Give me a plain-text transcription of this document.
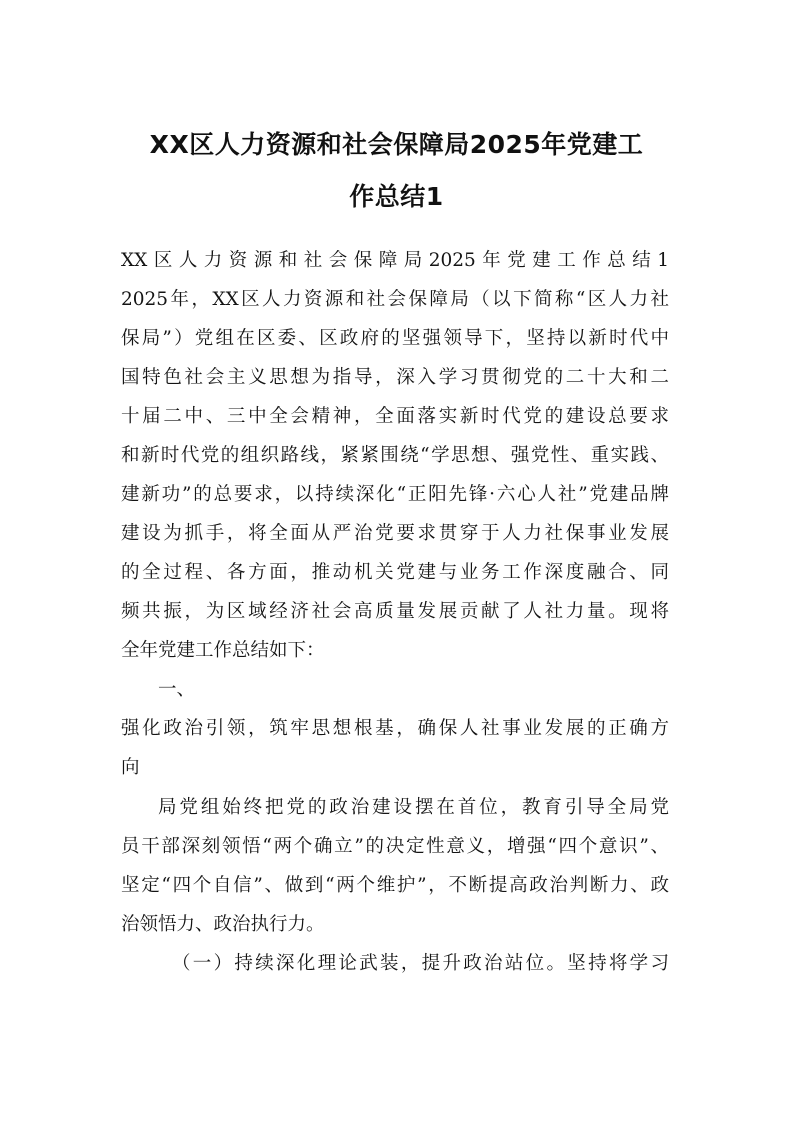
XX区人力资源和社会保障局2025年党建工
作总结1

XX区人力资源和社会保障局2025年党建工作总结1

2025年，XX区人力资源和社会保障局（以下简称“区人力社

保局”）党组在区委、区政府的坚强领导下，坚持以新时代中

国特色社会主义思想为指导，深入学习贯彻党的二十大和二

十届二中、三中全会精神，全面落实新时代党的建设总要求

和新时代党的组织路线，紧紧围绕“学思想、强党性、重实践、

建新功”的总要求，以持续深化“正阳先锋·六心人社”党建品牌

建设为抓手，将全面从严治党要求贯穿于人力社保事业发展

的全过程、各方面，推动机关党建与业务工作深度融合、同

频共振，为区域经济社会高质量发展贡献了人社力量。现将

全年党建工作总结如下：

一、

强化政治引领，筑牢思想根基，确保人社事业发展的正确方

向

局党组始终把党的政治建设摆在首位，教育引导全局党

员干部深刻领悟“两个确立”的决定性意义，增强“四个意识”、

坚定“四个自信”、做到“两个维护”，不断提高政治判断力、政

治领悟力、政治执行力。

（一）持续深化理论武装，提升政治站位。坚持将学习
